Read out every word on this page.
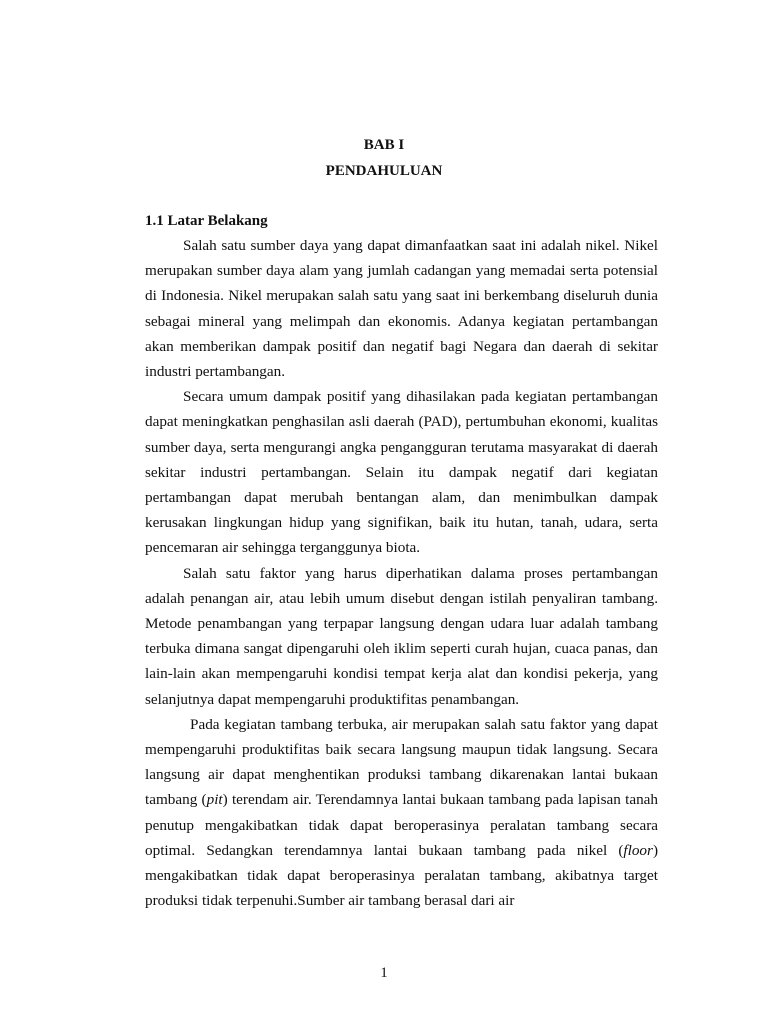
BAB I
PENDAHULUAN
1.1 Latar Belakang

Salah satu sumber daya yang dapat dimanfaatkan saat ini adalah nikel. Nikel merupakan sumber daya alam yang jumlah cadangan yang memadai serta potensial di Indonesia. Nikel merupakan salah satu yang saat ini berkembang diseluruh dunia sebagai mineral yang melimpah dan ekonomis. Adanya kegiatan pertambangan akan memberikan dampak positif dan negatif bagi Negara dan daerah di sekitar industri pertambangan.

Secara umum dampak positif yang dihasilakan pada kegiatan pertambangan dapat meningkatkan penghasilan asli daerah (PAD), pertumbuhan ekonomi, kualitas sumber daya, serta mengurangi angka pengangguran terutama masyarakat di daerah sekitar industri pertambangan. Selain itu dampak negatif dari kegiatan pertambangan dapat merubah bentangan alam, dan menimbulkan dampak kerusakan lingkungan hidup yang signifikan, baik itu hutan, tanah, udara, serta pencemaran air sehingga terganggunya biota.

Salah satu faktor yang harus diperhatikan dalama proses pertambangan adalah penangan air, atau lebih umum disebut dengan istilah penyaliran tambang. Metode penambangan yang terpapar langsung dengan udara luar adalah tambang terbuka dimana sangat dipengaruhi oleh iklim seperti curah hujan, cuaca panas, dan lain-lain akan mempengaruhi kondisi tempat kerja alat dan kondisi pekerja, yang selanjutnya dapat mempengaruhi produktifitas penambangan.

Pada kegiatan tambang terbuka, air merupakan salah satu faktor yang dapat mempengaruhi produktifitas baik secara langsung maupun tidak langsung. Secara langsung air dapat menghentikan produksi tambang dikarenakan lantai bukaan tambang (pit) terendam air. Terendamnya lantai bukaan tambang pada lapisan tanah penutup mengakibatkan tidak dapat beroperasinya peralatan tambang secara optimal. Sedangkan terendamnya lantai bukaan tambang pada nikel (floor) mengakibatkan tidak dapat beroperasinya peralatan tambang, akibatnya target produksi tidak terpenuhi.Sumber air tambang berasal dari air

1
